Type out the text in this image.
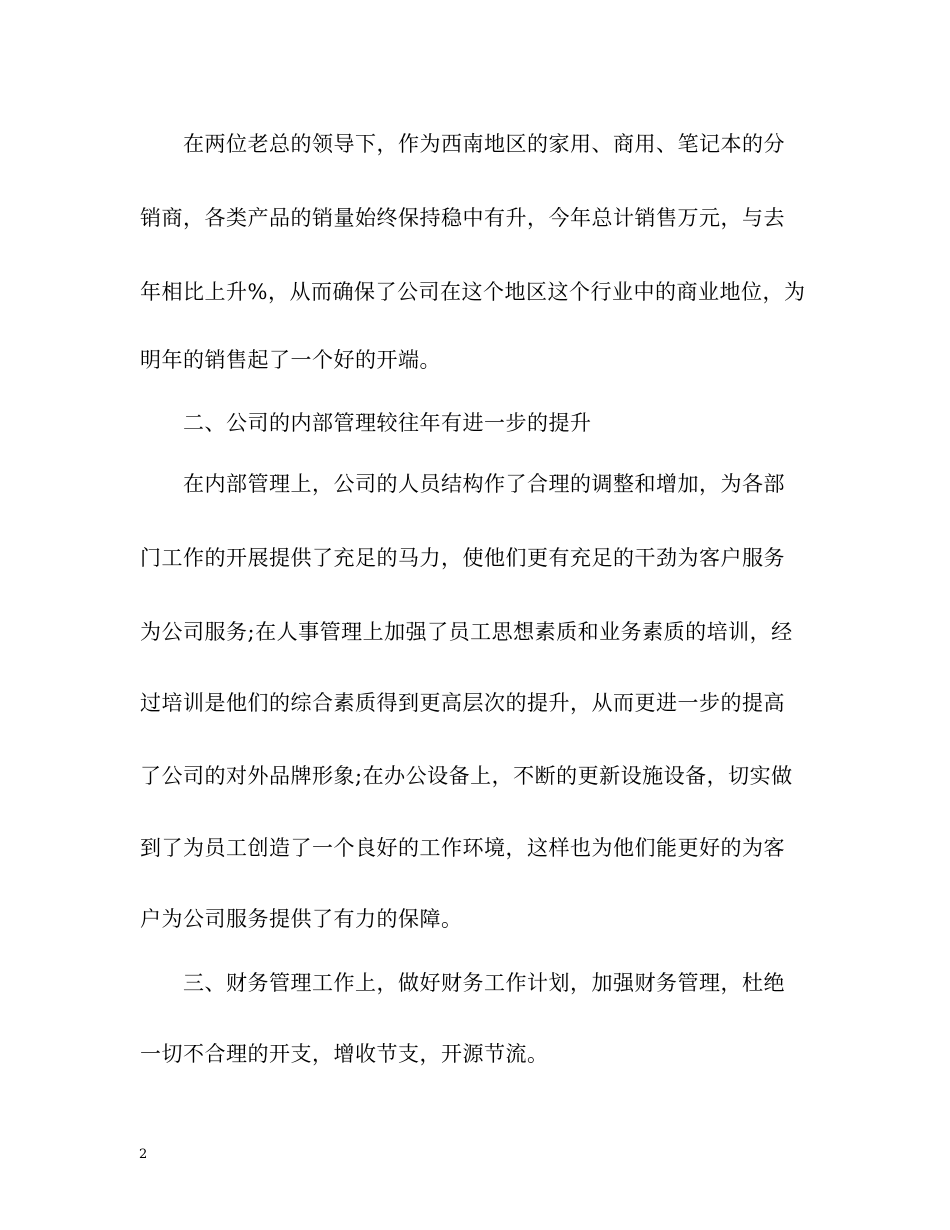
在两位老总的领导下，作为西南地区的家用、商用、笔记本的分
销商，各类产品的销量始终保持稳中有升，今年总计销售万元，与去
年相比上升%，从而确保了公司在这个地区这个行业中的商业地位，为
明年的销售起了一个好的开端。
二、公司的内部管理较往年有进一步的提升
在内部管理上，公司的人员结构作了合理的调整和增加，为各部
门工作的开展提供了充足的马力，使他们更有充足的干劲为客户服务
为公司服务;在人事管理上加强了员工思想素质和业务素质的培训，经
过培训是他们的综合素质得到更高层次的提升，从而更进一步的提高
了公司的对外品牌形象;在办公设备上，不断的更新设施设备，切实做
到了为员工创造了一个良好的工作环境，这样也为他们能更好的为客
户为公司服务提供了有力的保障。
三、财务管理工作上，做好财务工作计划，加强财务管理，杜绝
一切不合理的开支，增收节支，开源节流。
2
